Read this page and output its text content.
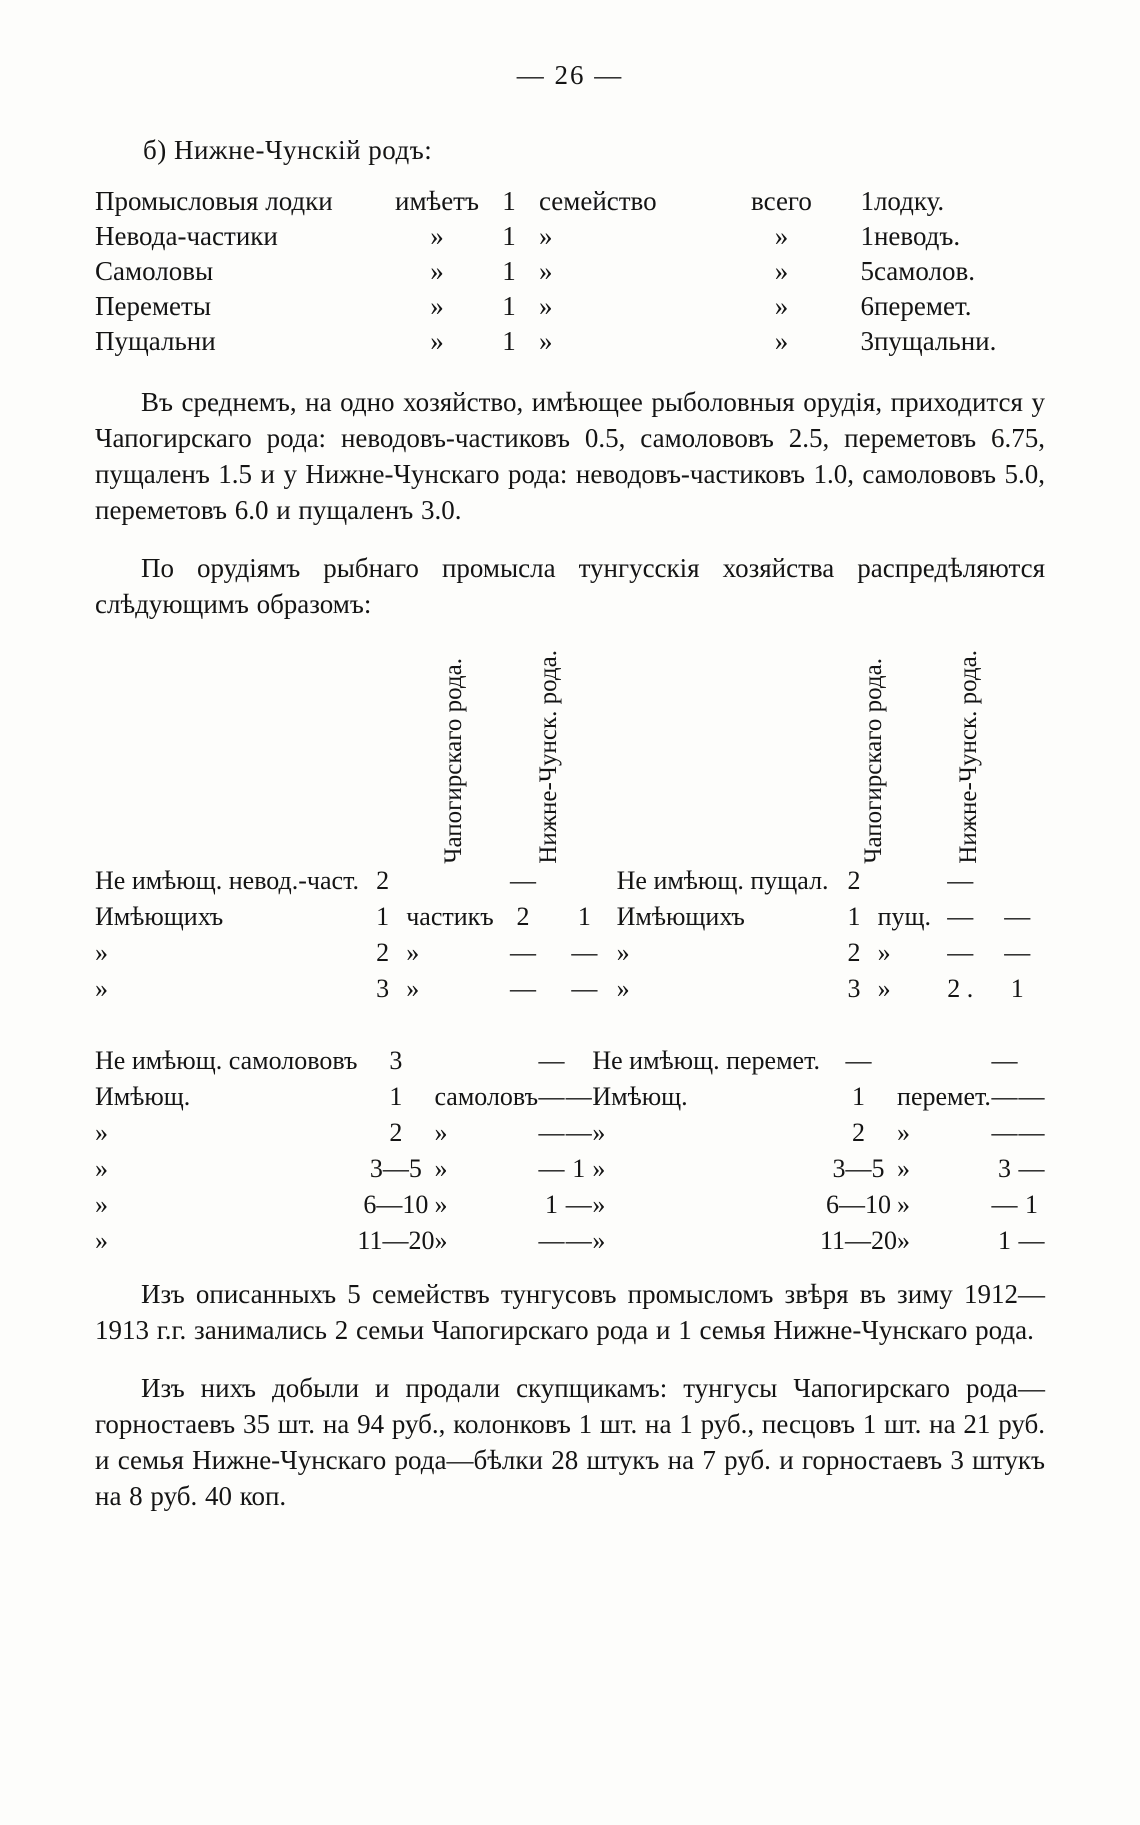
— 26 —
б) Нижне-Чунскій родъ:
Промысловыя лодки	имѣетъ	1	семейство	всего	1	лодку.
Невода-частики	»	1	»	»	1	неводъ.
Самоловы	»	1	»	»	5	самолов.
Переметы	»	1	»	»	6	перемет.
Пущальни	»	1	»	»	3	пущальни.

Въ среднемъ, на одно хозяйство, имѣющее рыболовныя орудія, приходится у Чапогирскаго рода: неводовъ-частиковъ 0.5, самолововъ 2.5, переметовъ 6.75, пущаленъ 1.5 и у Нижне-Чунскаго рода: неводовъ-частиковъ 1.0, самолововъ 5.0, переметовъ 6.0 и пущаленъ 3.0.

По орудіямъ рыбнаго промысла тунгусскія хозяйства распредѣляются слѣдующимъ образомъ:

Чапогирскаго рода.	Нижне-Чунск. рода.	Чапогирскаго рода.	Нижне-Чунск. рода.
Не имѣющ. невод.-част.	2		—		Не имѣющ. пущал.	2		—	
Имѣющихъ	1	частикъ	2	1	Имѣющихъ	1	пущ.	—	—
»	2	»	—	—	»	2	»	—	—
»	3	»	—	—	»	3	»	2 .	1
Не имѣющ. самолововъ	3		—		Не имѣющ. перемет.	—		—	
Имѣющ.	1	самоловъ	—	—	Имѣющ.	1	перемет.	—	—
»	2	»	—	—	»	2	»	—	—
»	3—5	»	—	1	»	3—5	»	3	—
»	6—10	»	1	—	»	6—10	»	—	1
»	11—20	»	—	—	»	11—20	»	1	—

Изъ описанныхъ 5 семействъ тунгусовъ промысломъ звѣря въ зиму 1912—1913 г.г. занимались 2 семьи Чапогирскаго рода и 1 семья Нижне-Чунскаго рода.

Изъ нихъ добыли и продали скупщикамъ: тунгусы Чапогирскаго рода—горностаевъ 35 шт. на 94 руб., колонковъ 1 шт. на 1 руб., песцовъ 1 шт. на 21 руб. и семья Нижне-Чунскаго рода—бѣлки 28 штукъ на 7 руб. и горностаевъ 3 штукъ на 8 руб. 40 коп.
